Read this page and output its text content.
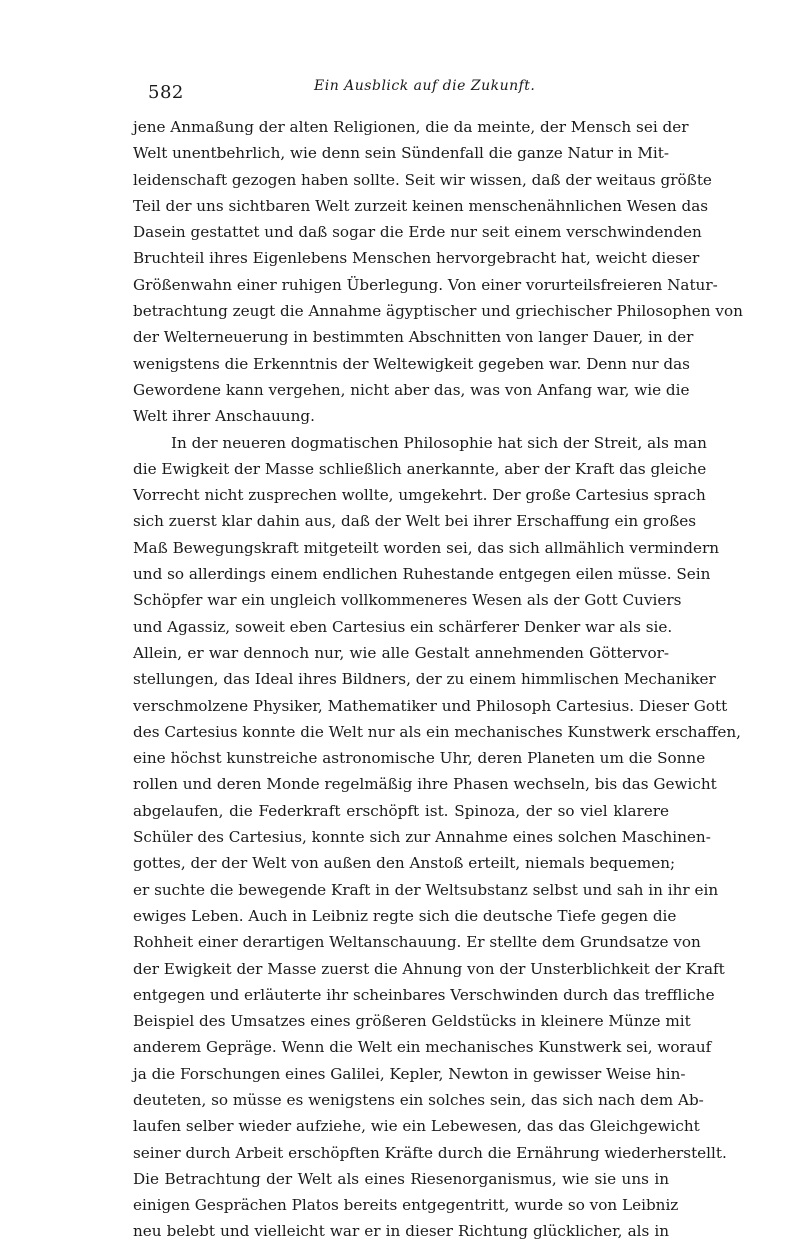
582	Ein Ausblick auf die Zukunft.
jene Anmaßung der alten Religionen, die da meinte, der Mensch sei der
Welt unentbehrlich, wie denn sein Sündenfall die ganze Natur in Mit-
leidenschaft gezogen haben sollte. Seit wir wissen, daß der weitaus größte
Teil der uns sichtbaren Welt zurzeit keinen menschenähnlichen Wesen das
Dasein gestattet und daß sogar die Erde nur seit einem verschwindenden
Bruchteil ihres Eigenlebens Menschen hervorgebracht hat, weicht dieser
Größenwahn einer ruhigen Überlegung. Von einer vorurteilsfreieren Natur-
betrachtung zeugt die Annahme ägyptischer und griechischer Philosophen von
der Welterneuerung in bestimmten Abschnitten von langer Dauer, in der
wenigstens die Erkenntnis der Weltewigkeit gegeben war. Denn nur das
Gewordene kann vergehen, nicht aber das, was von Anfang war, wie die
Welt ihrer Anschauung.
In der neueren dogmatischen Philosophie hat sich der Streit, als man
die Ewigkeit der Masse schließlich anerkannte, aber der Kraft das gleiche
Vorrecht nicht zusprechen wollte, umgekehrt. Der große Cartesius sprach
sich zuerst klar dahin aus, daß der Welt bei ihrer Erschaffung ein großes
Maß Bewegungskraft mitgeteilt worden sei, das sich allmählich vermindern
und so allerdings einem endlichen Ruhestande entgegen eilen müsse. Sein
Schöpfer war ein ungleich vollkommeneres Wesen als der Gott Cuviers
und Agassiz, soweit eben Cartesius ein schärferer Denker war als sie.
Allein, er war dennoch nur, wie alle Gestalt annehmenden Göttervor-
stellungen, das Ideal ihres Bildners, der zu einem himmlischen Mechaniker
verschmolzene Physiker, Mathematiker und Philosoph Cartesius. Dieser Gott
des Cartesius konnte die Welt nur als ein mechanisches Kunstwerk erschaffen,
eine höchst kunstreiche astronomische Uhr, deren Planeten um die Sonne
rollen und deren Monde regelmäßig ihre Phasen wechseln, bis das Gewicht
abgelaufen, die Federkraft erschöpft ist. Spinoza, der so viel klarere
Schüler des Cartesius, konnte sich zur Annahme eines solchen Maschinen-
gottes, der der Welt von außen den Anstoß erteilt, niemals bequemen;
er suchte die bewegende Kraft in der Weltsubstanz selbst und sah in ihr ein
ewiges Leben. Auch in Leibniz regte sich die deutsche Tiefe gegen die
Rohheit einer derartigen Weltanschauung. Er stellte dem Grundsatze von
der Ewigkeit der Masse zuerst die Ahnung von der Unsterblichkeit der Kraft
entgegen und erläuterte ihr scheinbares Verschwinden durch das treffliche
Beispiel des Umsatzes eines größeren Geldstücks in kleinere Münze mit
anderem Gepräge. Wenn die Welt ein mechanisches Kunstwerk sei, worauf
ja die Forschungen eines Galilei, Kepler, Newton in gewisser Weise hin-
deuteten, so müsse es wenigstens ein solches sein, das sich nach dem Ab-
laufen selber wieder aufziehe, wie ein Lebewesen, das das Gleichgewicht
seiner durch Arbeit erschöpften Kräfte durch die Ernährung wiederherstellt.
Die Betrachtung der Welt als eines Riesenorganismus, wie sie uns in
einigen Gesprächen Platos bereits entgegentritt, wurde so von Leibniz
neu belebt und vielleicht war er in dieser Richtung glücklicher, als in
